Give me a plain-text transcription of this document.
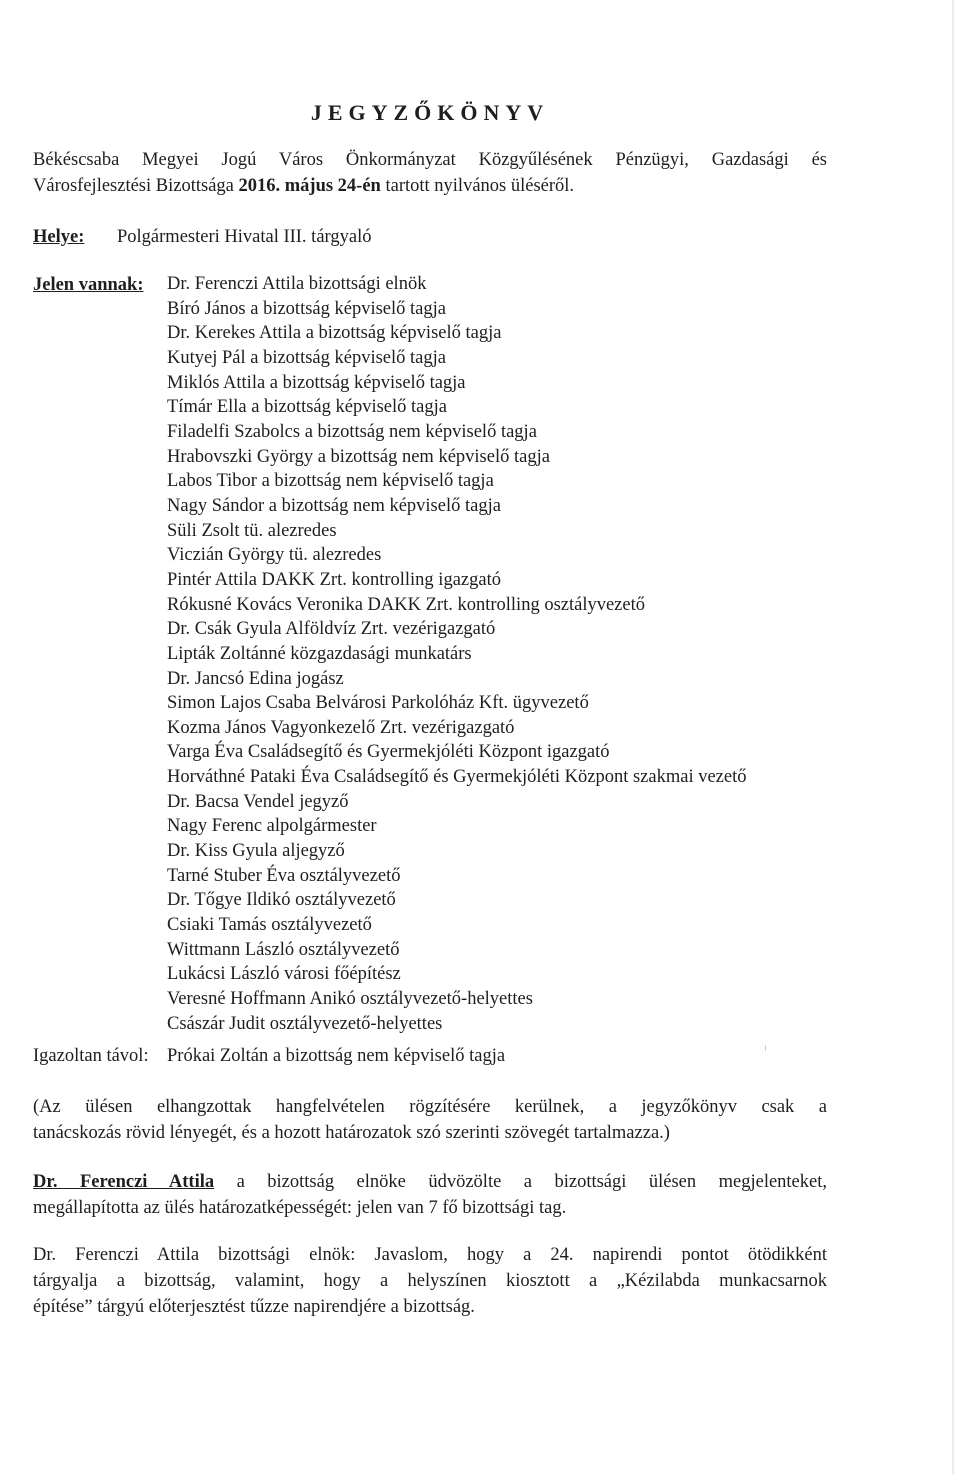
JEGYZŐKÖNYV
Békéscsaba Megyei Jogú Város Önkormányzat Közgyűlésének Pénzügyi, Gazdasági és
Városfejlesztési Bizottsága 2016. május 24-én tartott nyilvános üléséről.
Helye: Polgármesteri Hivatal III. tárgyaló
Jelen vannak: Dr. Ferenczi Attila bizottsági elnök
Bíró János a bizottság képviselő tagja
Dr. Kerekes Attila a bizottság képviselő tagja
Kutyej Pál a bizottság képviselő tagja
Miklós Attila a bizottság képviselő tagja
Tímár Ella a bizottság képviselő tagja
Filadelfi Szabolcs a bizottság nem képviselő tagja
Hrabovszki György a bizottság nem képviselő tagja
Labos Tibor a bizottság nem képviselő tagja
Nagy Sándor a bizottság nem képviselő tagja
Süli Zsolt tü. alezredes
Viczián György tü. alezredes
Pintér Attila DAKK Zrt. kontrolling igazgató
Rókusné Kovács Veronika DAKK Zrt. kontrolling osztályvezető
Dr. Csák Gyula Alföldvíz Zrt. vezérigazgató
Lipták Zoltánné közgazdasági munkatárs
Dr. Jancsó Edina jogász
Simon Lajos Csaba Belvárosi Parkolóház Kft. ügyvezető
Kozma János Vagyonkezelő Zrt. vezérigazgató
Varga Éva Családsegítő és Gyermekjóléti Központ igazgató
Horváthné Pataki Éva Családsegítő és Gyermekjóléti Központ szakmai vezető
Dr. Bacsa Vendel jegyző
Nagy Ferenc alpolgármester
Dr. Kiss Gyula aljegyző
Tarné Stuber Éva osztályvezető
Dr. Tőgye Ildikó osztályvezető
Csiaki Tamás osztályvezető
Wittmann László osztályvezető
Lukácsi László városi főépítész
Veresné Hoffmann Anikó osztályvezető-helyettes
Császár Judit osztályvezető-helyettes
Igazoltan távol: Prókai Zoltán a bizottság nem képviselő tagja
(Az ülésen elhangzottak hangfelvételen rögzítésére kerülnek, a jegyzőkönyv csak a
tanácskozás rövid lényegét, és a hozott határozatok szó szerinti szövegét tartalmazza.)
Dr. Ferenczi Attila a bizottság elnöke üdvözölte a bizottsági ülésen megjelenteket,
megállapította az ülés határozatképességét: jelen van 7 fő bizottsági tag.
Dr. Ferenczi Attila bizottsági elnök: Javaslom, hogy a 24. napirendi pontot ötödikként
tárgyalja a bizottság, valamint, hogy a helyszínen kiosztott a „Kézilabda munkacsarnok
építése” tárgyú előterjesztést tűzze napirendjére a bizottság.
